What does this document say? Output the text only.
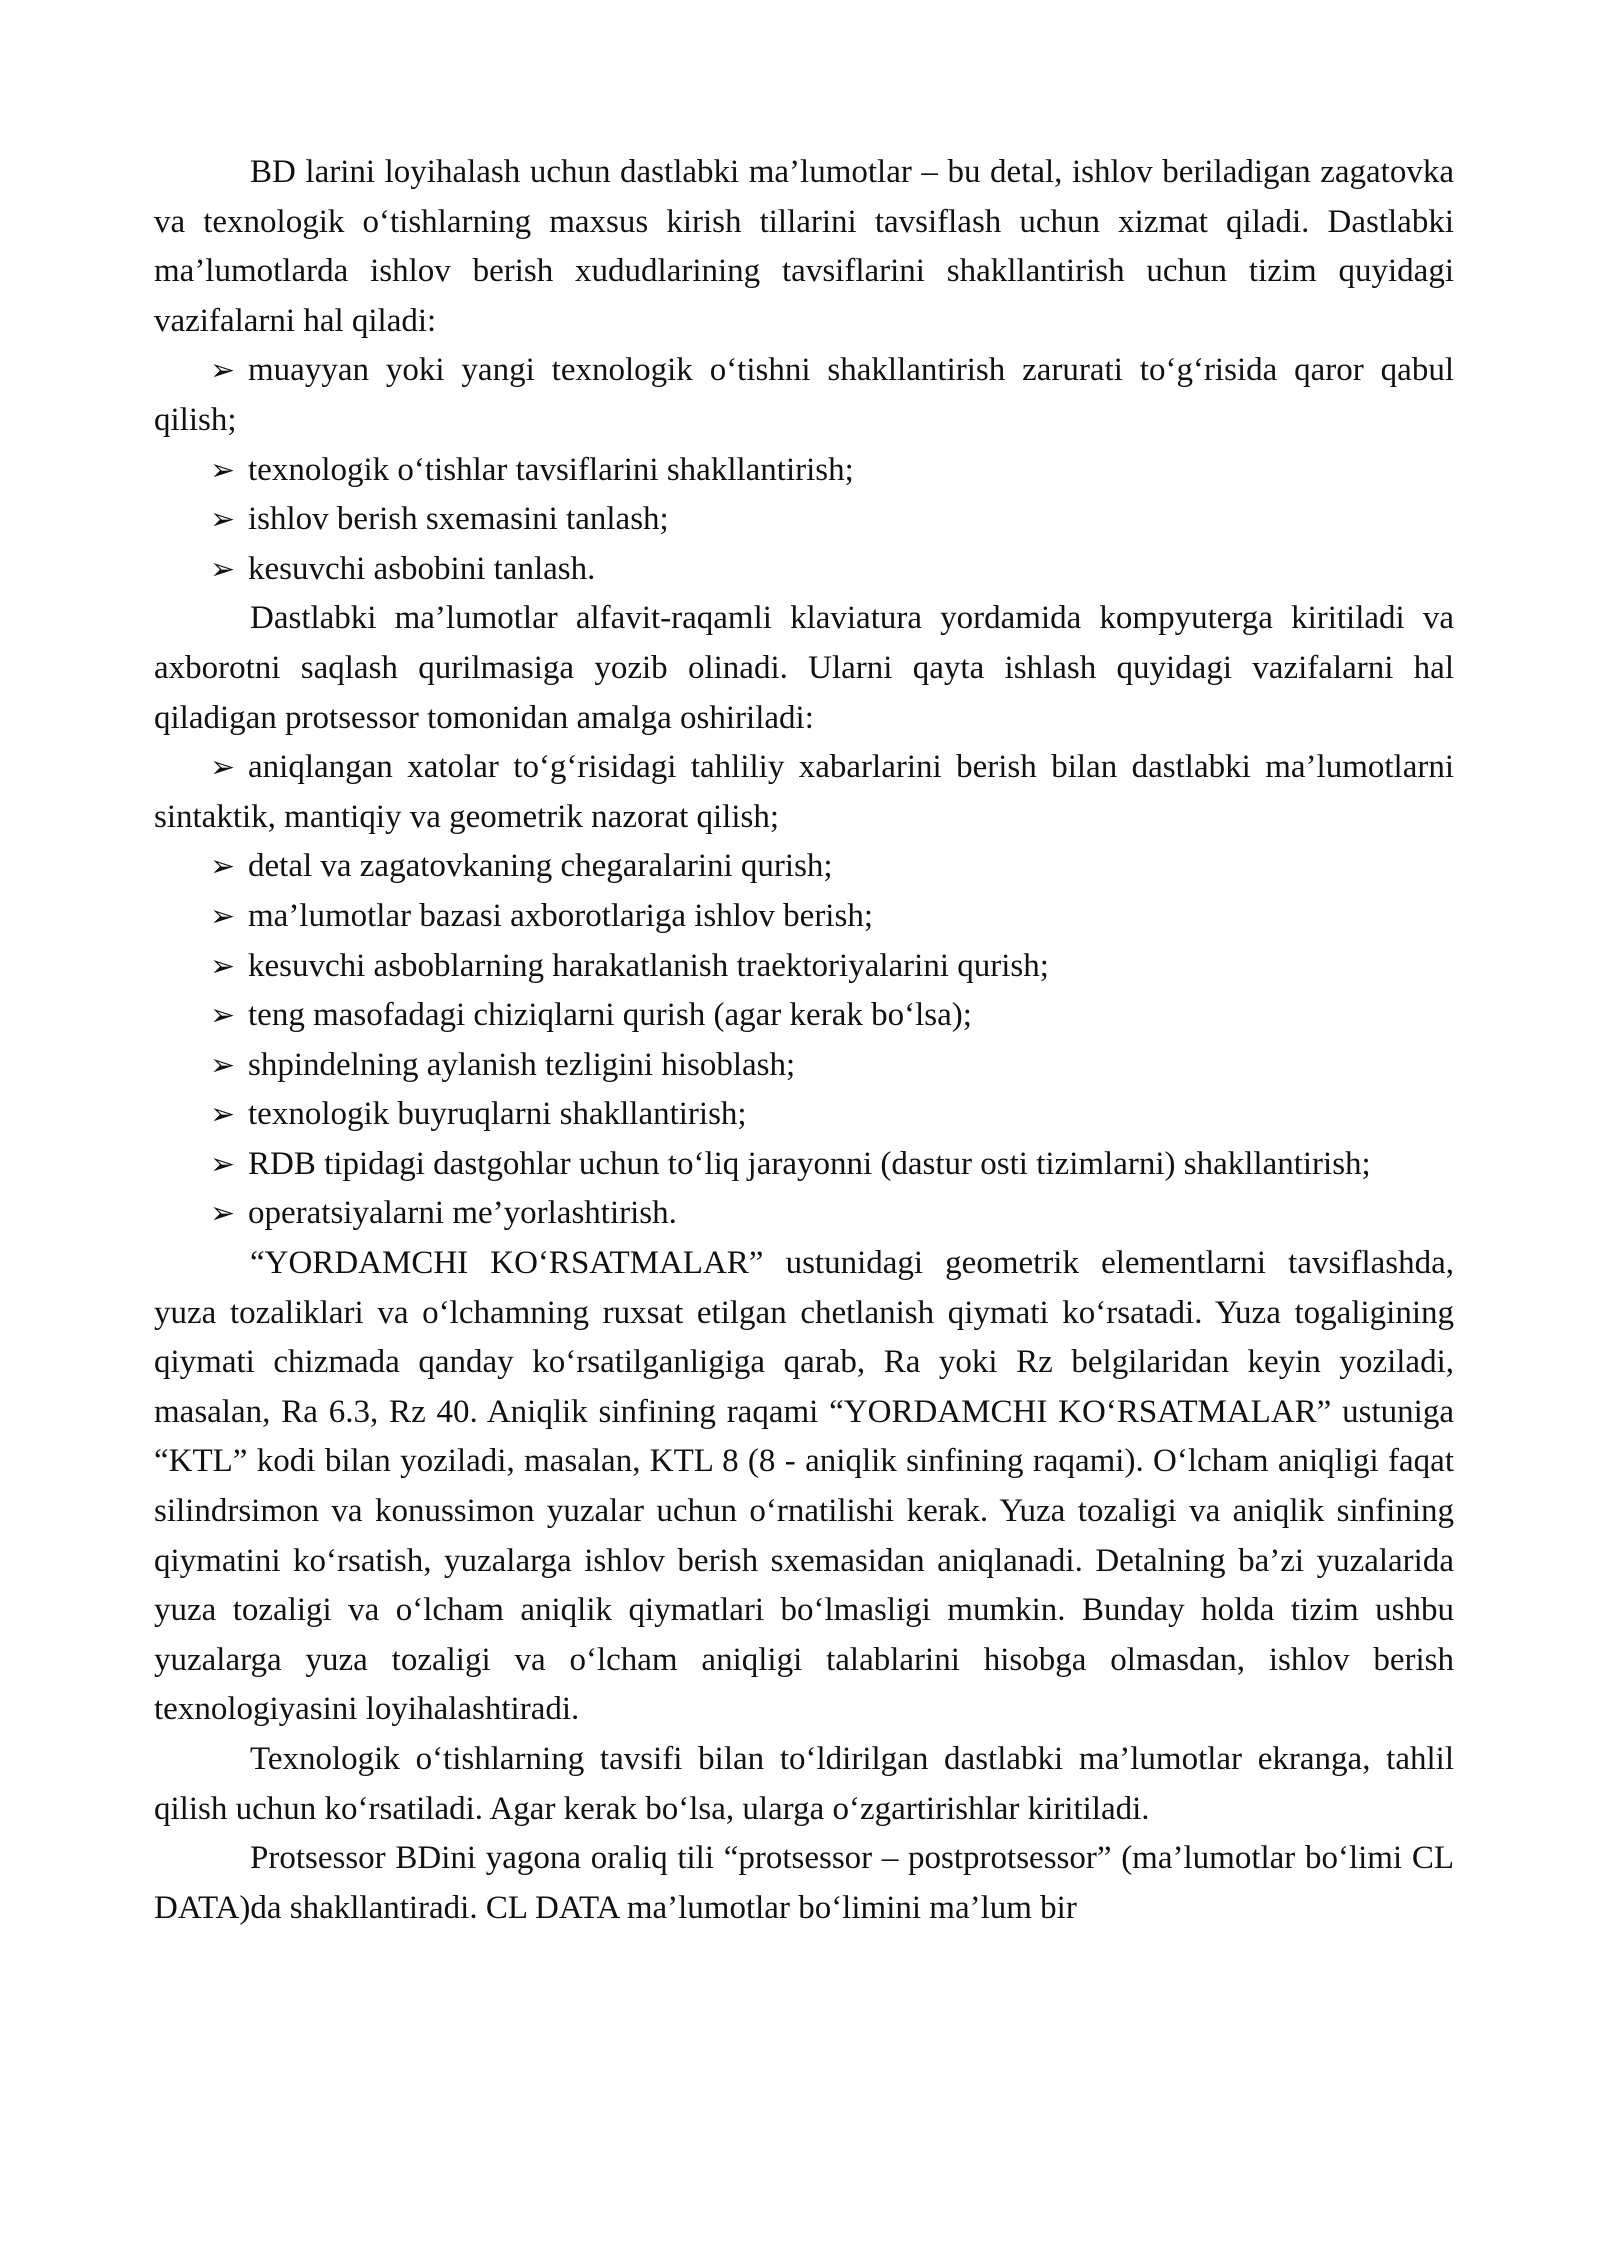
BD larini loyihalash uchun dastlabki ma’lumotlar – bu detal, ishlov beriladigan zagatovka va texnologik o‘tishlarning maxsus kirish tillarini tavsiflash uchun xizmat qiladi. Dastlabki ma’lumotlarda ishlov berish xududlarining tavsiflarini shakllantirish uchun tizim quyidagi vazifalarni hal qiladi:

➢ muayyan yoki yangi texnologik o‘tishni shakllantirish zarurati to‘g‘risida qaror qabul qilish;

➢ texnologik o‘tishlar tavsiflarini shakllantirish;

➢ ishlov berish sxemasini tanlash;

➢ kesuvchi asbobini tanlash.

Dastlabki ma’lumotlar alfavit-raqamli klaviatura yordamida kompyuterga kiritiladi va axborotni saqlash qurilmasiga yozib olinadi. Ularni qayta ishlash quyidagi vazifalarni hal qiladigan protsessor tomonidan amalga oshiriladi:

➢ aniqlangan xatolar to‘g‘risidagi tahliliy xabarlarini berish bilan dastlabki ma’lumotlarni sintaktik, mantiqiy va geometrik nazorat qilish;

➢ detal va zagatovkaning chegaralarini qurish;

➢ ma’lumotlar bazasi axborotlariga ishlov berish;

➢ kesuvchi asboblarning harakatlanish traektoriyalarini qurish;

➢ teng masofadagi chiziqlarni qurish (agar kerak bo‘lsa);

➢ shpindelning aylanish tezligini hisoblash;

➢ texnologik buyruqlarni shakllantirish;

➢ RDB tipidagi dastgohlar uchun to‘liq jarayonni (dastur osti tizimlarni) shakllantirish;

➢ operatsiyalarni me’yorlashtirish.

“YORDAMCHI KO‘RSATMALAR” ustunidagi geometrik elementlarni tavsiflashda, yuza tozaliklari va o‘lchamning ruxsat etilgan chetlanish qiymati ko‘rsatadi. Yuza togaligining qiymati chizmada qanday ko‘rsatilganligiga qarab, Ra yoki Rz belgilaridan keyin yoziladi, masalan, Ra 6.3, Rz 40. Aniqlik sinfining raqami “YORDAMCHI KO‘RSATMALAR” ustuniga “KTL” kodi bilan yoziladi, masalan, KTL 8 (8 - aniqlik sinfining raqami). O‘lcham aniqligi faqat silindrsimon va konussimon yuzalar uchun o‘rnatilishi kerak. Yuza tozaligi va aniqlik sinfining qiymatini ko‘rsatish, yuzalarga ishlov berish sxemasidan aniqlanadi. Detalning ba’zi yuzalarida yuza tozaligi va o‘lcham aniqlik qiymatlari bo‘lmasligi mumkin. Bunday holda tizim ushbu yuzalarga yuza tozaligi va o‘lcham aniqligi talablarini hisobga olmasdan, ishlov berish texnologiyasini loyihalashtiradi.

Texnologik o‘tishlarning tavsifi bilan to‘ldirilgan dastlabki ma’lumotlar ekranga, tahlil qilish uchun ko‘rsatiladi. Agar kerak bo‘lsa, ularga o‘zgartirishlar kiritiladi.

Protsessor BDini yagona oraliq tili “protsessor – postprotsessor” (ma’lumotlar bo‘limi CL DATA)da shakllantiradi. CL DATA ma’lumotlar bo‘limini ma’lum bir
